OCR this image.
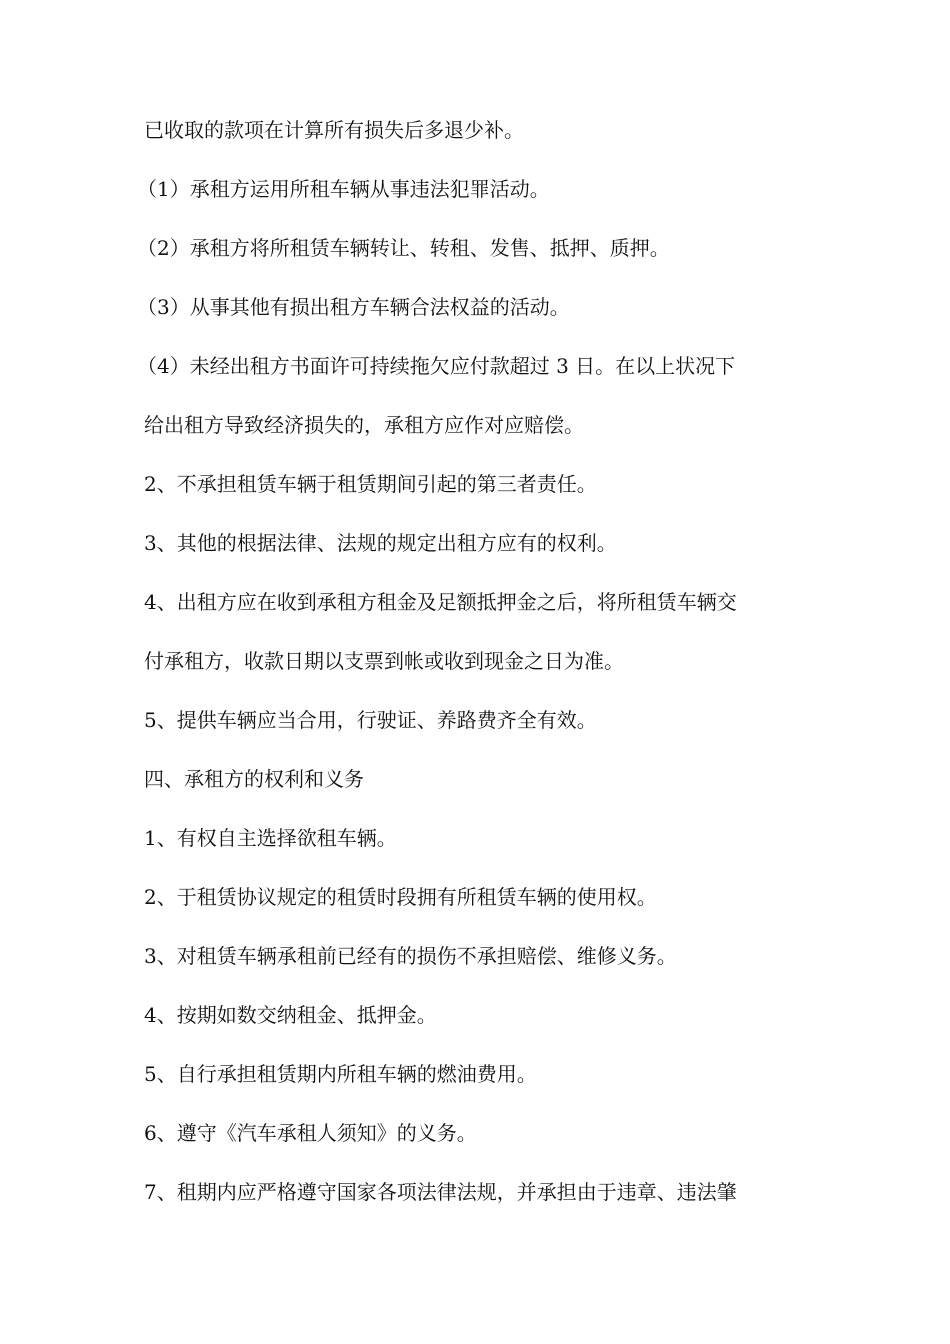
已收取的款项在计算所有损失后多退少补。

（1）承租方运用所租车辆从事违法犯罪活动。

（2）承租方将所租赁车辆转让、转租、发售、抵押、质押。

（3）从事其他有损出租方车辆合法权益的活动。

（4）未经出租方书面许可持续拖欠应付款超过 3 日。在以上状况下

给出租方导致经济损失的，承租方应作对应赔偿。

2、不承担租赁车辆于租赁期间引起的第三者责任。

3、其他的根据法律、法规的规定出租方应有的权利。

4、出租方应在收到承租方租金及足额抵押金之后，将所租赁车辆交

付承租方，收款日期以支票到帐或收到现金之日为准。

5、提供车辆应当合用，行驶证、养路费齐全有效。

四、承租方的权利和义务

1、有权自主选择欲租车辆。

2、于租赁协议规定的租赁时段拥有所租赁车辆的使用权。

3、对租赁车辆承租前已经有的损伤不承担赔偿、维修义务。

4、按期如数交纳租金、抵押金。

5、自行承担租赁期内所租车辆的燃油费用。

6、遵守《汽车承租人须知》的义务。

7、租期内应严格遵守国家各项法律法规，并承担由于违章、违法肇
